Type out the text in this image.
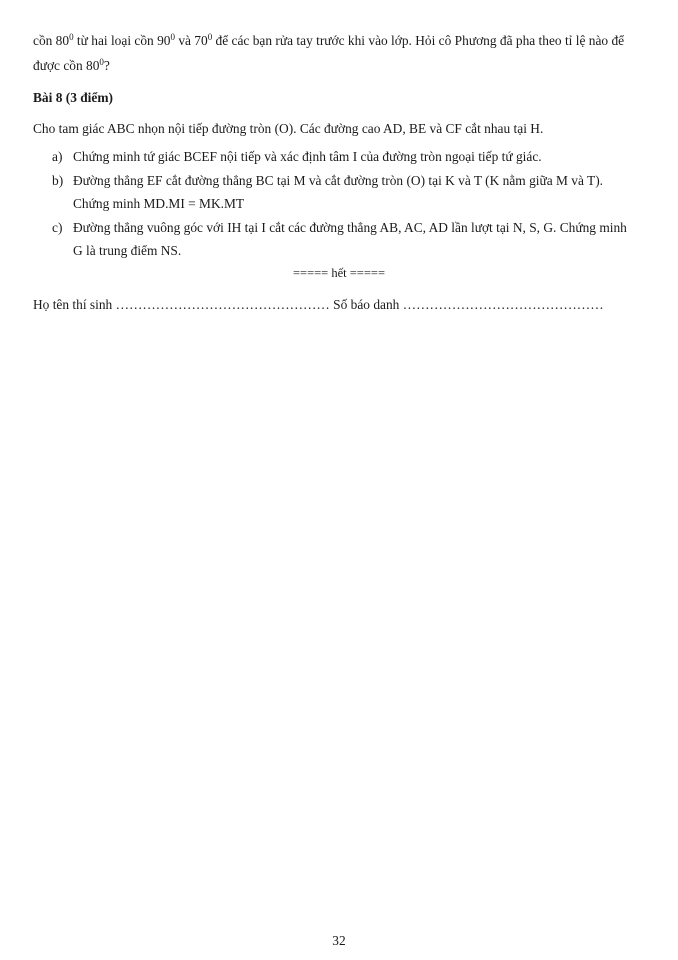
cồn $80^0$ từ hai loại cồn $90^0$ và $70^0$ để các bạn rửa tay trước khi vào lớp. Hỏi cô Phương đã pha theo tỉ lệ nào để
được cồn $80^0$?
Bài 8 (3 điểm)
Cho tam giác ABC nhọn nội tiếp đường tròn (O). Các đường cao AD, BE và CF cắt nhau tại H.
a) Chứng minh tứ giác BCEF nội tiếp và xác định tâm I của đường tròn ngoại tiếp tứ giác.
b) Đường thẳng EF cắt đường thẳng BC tại M và cắt đường tròn (O) tại K và T (K nằm giữa M và T).
Chứng minh MD.MI = MK.MT
c) Đường thẳng vuông góc với IH tại I cắt các đường thẳng AB, AC, AD lần lượt tại N, S, G. Chứng minh
G là trung điểm NS.
===== hết =====
Họ tên thí sinh ………………………………………… Số báo danh ………………………………………
32
